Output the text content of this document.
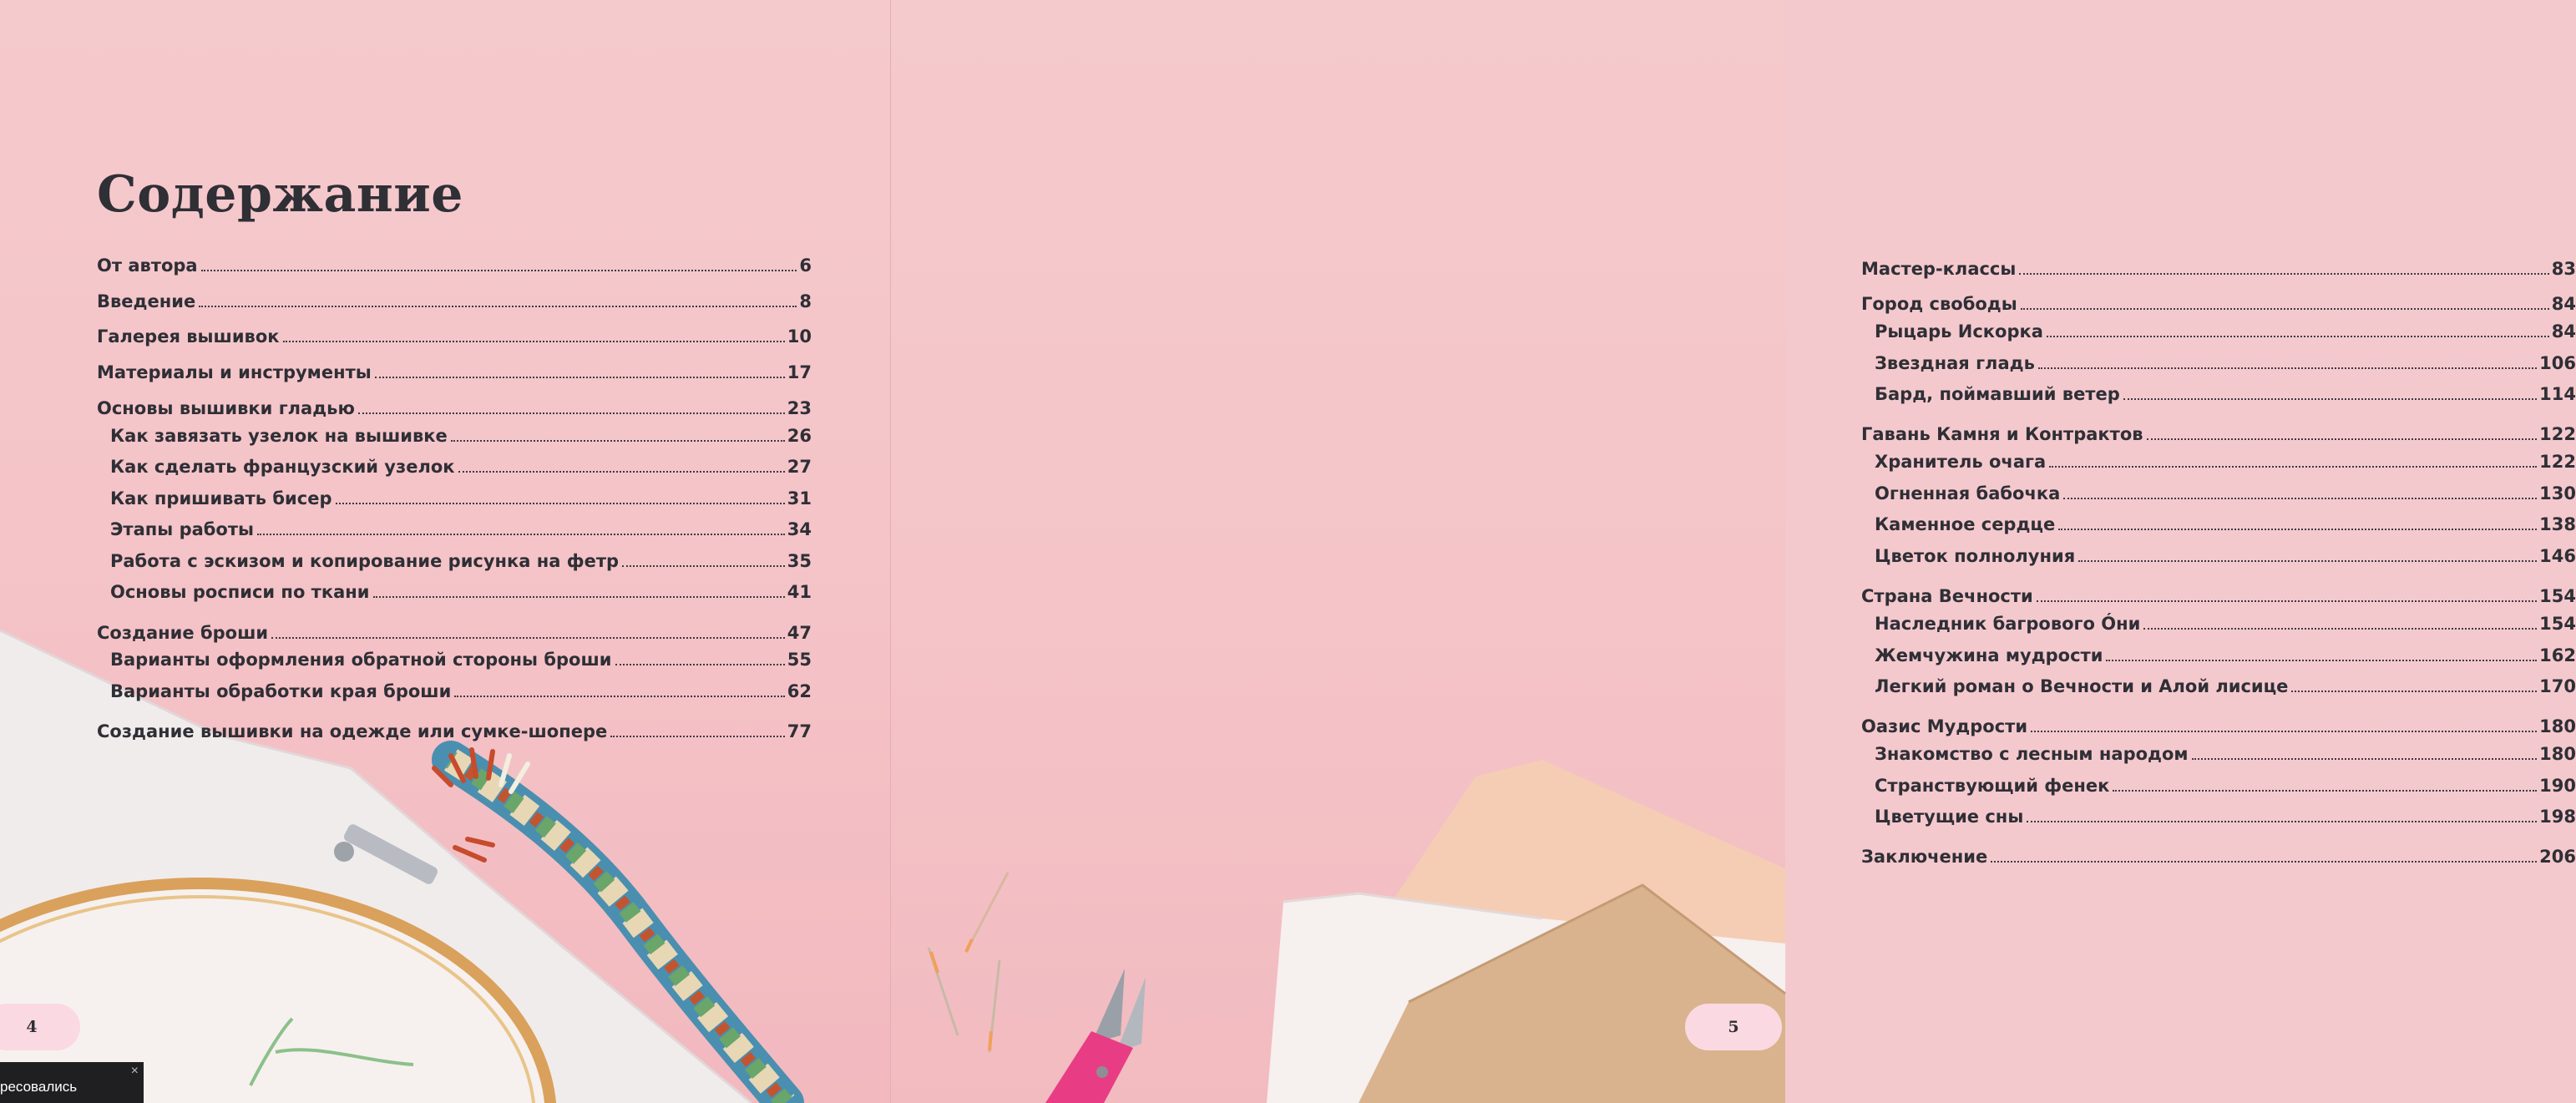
Содержание
От автора	6
Введение	8
Галерея вышивок	10
Материалы и инструменты	17
Основы вышивки гладью	23
Как завязать узелок на вышивке	26
Как сделать французский узелок	27
Как пришивать бисер	31
Этапы работы	34
Работа с эскизом и копирование рисунка на фетр	35
Основы росписи по ткани	41
Создание броши	47
Варианты оформления обратной стороны броши	55
Варианты обработки края броши	62
Создание вышивки на одежде или сумке-шопере	77
4
Мастер-классы	83
Город свободы	84
Рыцарь Искорка	84
Звездная гладь	106
Бард, поймавший ветер	114
Гавань Камня и Контрактов	122
Хранитель очага	122
Огненная бабочка	130
Каменное сердце	138
Цветок полнолуния	146
Страна Вечности	154
Наследник багрового Óни	154
Жемчужина мудрости	162
Легкий роман о Вечности и Алой лисице	170
Оазис Мудрости	180
Знакомство с лесным народом	180
Странствующий фенек	190
Цветущие сны	198
Заключение	206
5
ресовались
×
